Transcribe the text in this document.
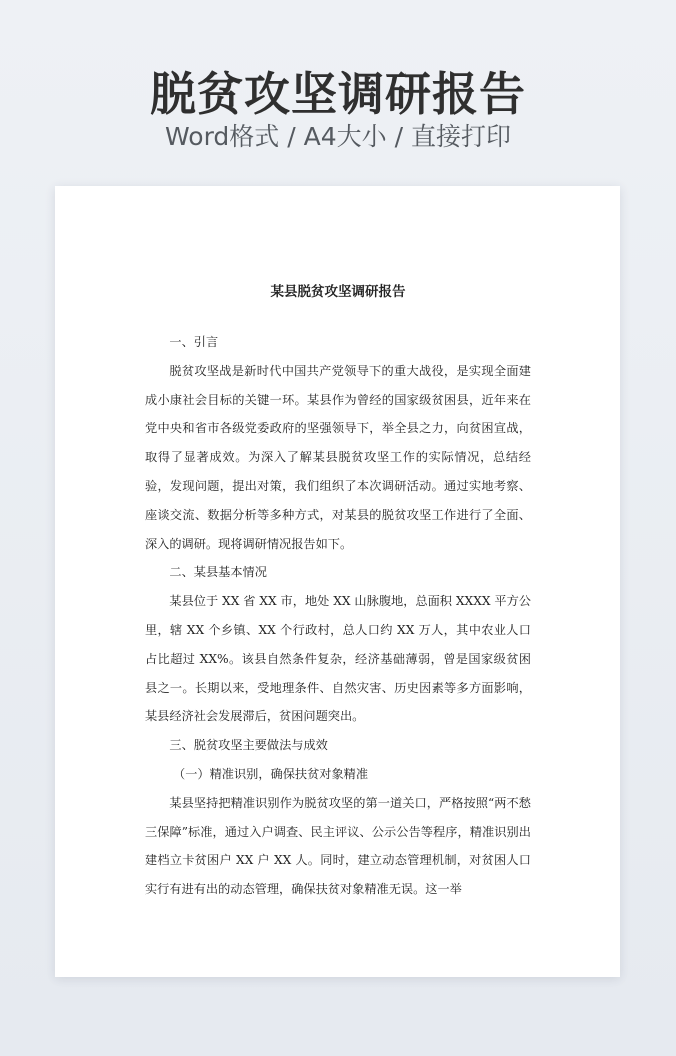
脱贫攻坚调研报告
Word格式 / A4大小 / 直接打印
某县脱贫攻坚调研报告

一、引言

脱贫攻坚战是新时代中国共产党领导下的重大战役，是实现全面建成小康社会目标的关键一环。某县作为曾经的国家级贫困县，近年来在党中央和省市各级党委政府的坚强领导下，举全县之力，向贫困宣战，取得了显著成效。为深入了解某县脱贫攻坚工作的实际情况，总结经验，发现问题，提出对策，我们组织了本次调研活动。通过实地考察、座谈交流、数据分析等多种方式，对某县的脱贫攻坚工作进行了全面、深入的调研。现将调研情况报告如下。

二、某县基本情况

某县位于 XX 省 XX 市，地处 XX 山脉腹地，总面积 XXXX 平方公里，辖 XX 个乡镇、XX 个行政村，总人口约 XX 万人，其中农业人口占比超过 XX%。该县自然条件复杂，经济基础薄弱，曾是国家级贫困县之一。长期以来，受地理条件、自然灾害、历史因素等多方面影响，某县经济社会发展滞后，贫困问题突出。

三、脱贫攻坚主要做法与成效

（一）精准识别，确保扶贫对象精准

某县坚持把精准识别作为脱贫攻坚的第一道关口，严格按照“两不愁三保障”标准，通过入户调查、民主评议、公示公告等程序，精准识别出建档立卡贫困户 XX 户 XX 人。同时，建立动态管理机制，对贫困人口实行有进有出的动态管理，确保扶贫对象精准无误。这一举
